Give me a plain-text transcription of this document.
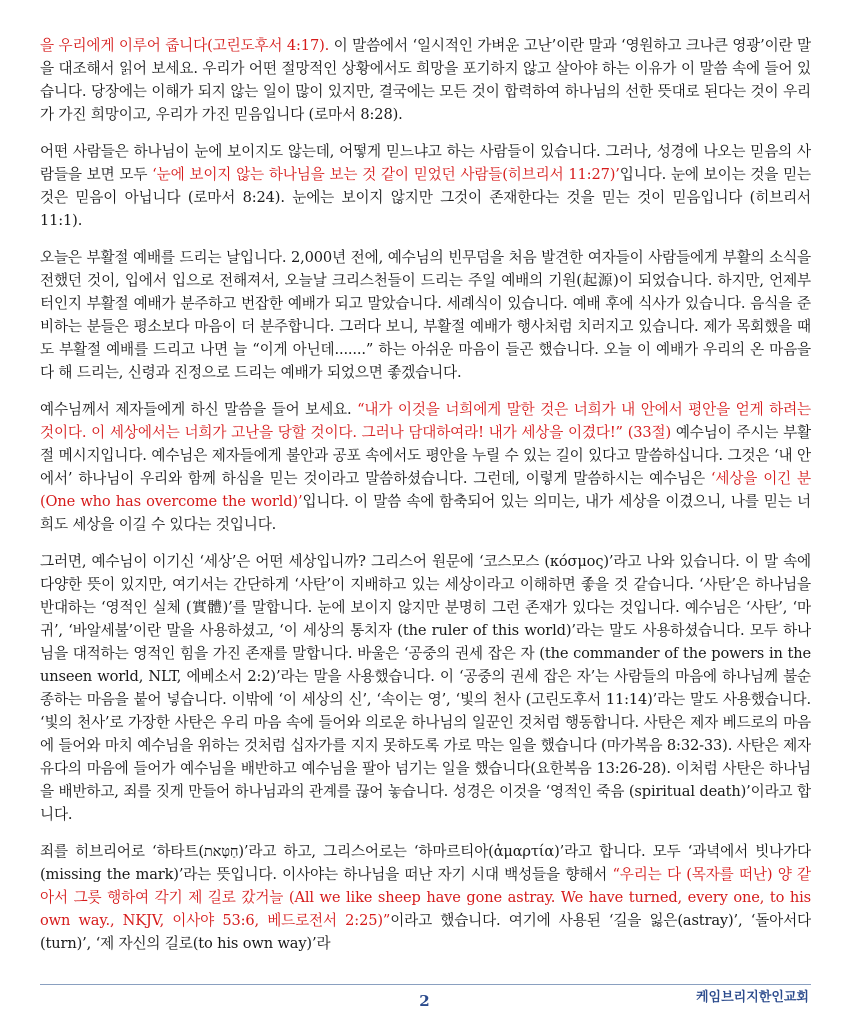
을 우리에게 이루어 줍니다(고린도후서 4:17). 이 말씀에서 ‘일시적인 가벼운 고난’이란 말과 ‘영원하고 크나큰 영광’이란 말을 대조해서 읽어 보세요. 우리가 어떤 절망적인 상황에서도 희망을 포기하지 않고 살아야 하는 이유가 이 말씀 속에 들어 있습니다. 당장에는 이해가 되지 않는 일이 많이 있지만, 결국에는 모든 것이 합력하여 하나님의 선한 뜻대로 된다는 것이 우리가 가진 희망이고, 우리가 가진 믿음입니다 (로마서 8:28).

어떤 사람들은 하나님이 눈에 보이지도 않는데, 어떻게 믿느냐고 하는 사람들이 있습니다. 그러나, 성경에 나오는 믿음의 사람들을 보면 모두 ‘눈에 보이지 않는 하나님을 보는 것 같이 믿었던 사람들(히브리서 11:27)’입니다. 눈에 보이는 것을 믿는 것은 믿음이 아닙니다 (로마서 8:24). 눈에는 보이지 않지만 그것이 존재한다는 것을 믿는 것이 믿음입니다 (히브리서 11:1).

오늘은 부활절 예배를 드리는 날입니다. 2,000년 전에, 예수님의 빈무덤을 처음 발견한 여자들이 사람들에게 부활의 소식을 전했던 것이, 입에서 입으로 전해져서, 오늘날 크리스천들이 드리는 주일 예배의 기원(起源)이 되었습니다. 하지만, 언제부터인지 부활절 예배가 분주하고 번잡한 예배가 되고 말았습니다. 세례식이 있습니다. 예배 후에 식사가 있습니다. 음식을 준비하는 분들은 평소보다 마음이 더 분주합니다. 그러다 보니, 부활절 예배가 행사처럼 치러지고 있습니다. 제가 목회했을 때도 부활절 예배를 드리고 나면 늘 “이게 아닌데.......” 하는 아쉬운 마음이 들곤 했습니다. 오늘 이 예배가 우리의 온 마음을 다 해 드리는, 신령과 진정으로 드리는 예배가 되었으면 좋겠습니다.

예수님께서 제자들에게 하신 말씀을 들어 보세요. “내가 이것을 너희에게 말한 것은 너희가 내 안에서 평안을 얻게 하려는 것이다. 이 세상에서는 너희가 고난을 당할 것이다. 그러나 담대하여라! 내가 세상을 이겼다!” (33절) 예수님이 주시는 부활절 메시지입니다. 예수님은 제자들에게 불안과 공포 속에서도 평안을 누릴 수 있는 길이 있다고 말씀하십니다. 그것은 ‘내 안에서’ 하나님이 우리와 함께 하심을 믿는 것이라고 말씀하셨습니다. 그런데, 이렇게 말씀하시는 예수님은 ‘세상을 이긴 분 (One who has overcome the world)’입니다. 이 말씀 속에 함축되어 있는 의미는, 내가 세상을 이겼으니, 나를 믿는 너희도 세상을 이길 수 있다는 것입니다.

그러면, 예수님이 이기신 ‘세상’은 어떤 세상입니까? 그리스어 원문에 ‘코스모스 (κόσμος)’라고 나와 있습니다. 이 말 속에 다양한 뜻이 있지만, 여기서는 간단하게 ‘사탄’이 지배하고 있는 세상이라고 이해하면 좋을 것 같습니다. ‘사탄’은 하나님을 반대하는 ‘영적인 실체 (實體)’를 말합니다. 눈에 보이지 않지만 분명히 그런 존재가 있다는 것입니다. 예수님은 ‘사탄’, ‘마귀’, ‘바알세불’이란 말을 사용하셨고, ‘이 세상의 통치자 (the ruler of this world)’라는 말도 사용하셨습니다. 모두 하나님을 대적하는 영적인 힘을 가진 존재를 말합니다. 바울은 ‘공중의 권세 잡은 자 (the commander of the powers in the unseen world, NLT, 에베소서 2:2)’라는 말을 사용했습니다. 이 ‘공중의 권세 잡은 자’는 사람들의 마음에 하나님께 불순종하는 마음을 붙어 넣습니다. 이밖에 ‘이 세상의 신’, ‘속이는 영’, ‘빛의 천사 (고린도후서 11:14)’라는 말도 사용했습니다. ‘빛의 천사’로 가장한 사탄은 우리 마음 속에 들어와 의로운 하나님의 일꾼인 것처럼 행동합니다. 사탄은 제자 베드로의 마음에 들어와 마치 예수님을 위하는 것처럼 십자가를 지지 못하도록 가로 막는 일을 했습니다 (마가복음 8:32-33). 사탄은 제자 유다의 마음에 들어가 예수님을 배반하고 예수님을 팔아 넘기는 일을 했습니다(요한복음 13:26-28). 이처럼 사탄은 하나님을 배반하고, 죄를 짓게 만들어 하나님과의 관계를 끊어 놓습니다. 성경은 이것을 ‘영적인 죽음 (spiritual death)’이라고 합니다.

죄를 히브리어로 ‘하타트(חַטָּאת)’라고 하고, 그리스어로는 ‘하마르티아(ἁμαρτία)’라고 합니다. 모두 ‘과녁에서 빗나가다 (missing the mark)’라는 뜻입니다. 이사야는 하나님을 떠난 자기 시대 백성들을 향해서 “우리는 다 (목자를 떠난) 양 같아서 그릇 행하여 각기 제 길로 갔거늘 (All we like sheep have gone astray. We have turned, every one, to his own way., NKJV, 이사야 53:6, 베드로전서 2:25)”이라고 했습니다. 여기에 사용된 ‘길을 잃은(astray)’, ‘돌아서다(turn)’, ‘제 자신의 길로(to his own way)’라

2	케임브리지한인교회
